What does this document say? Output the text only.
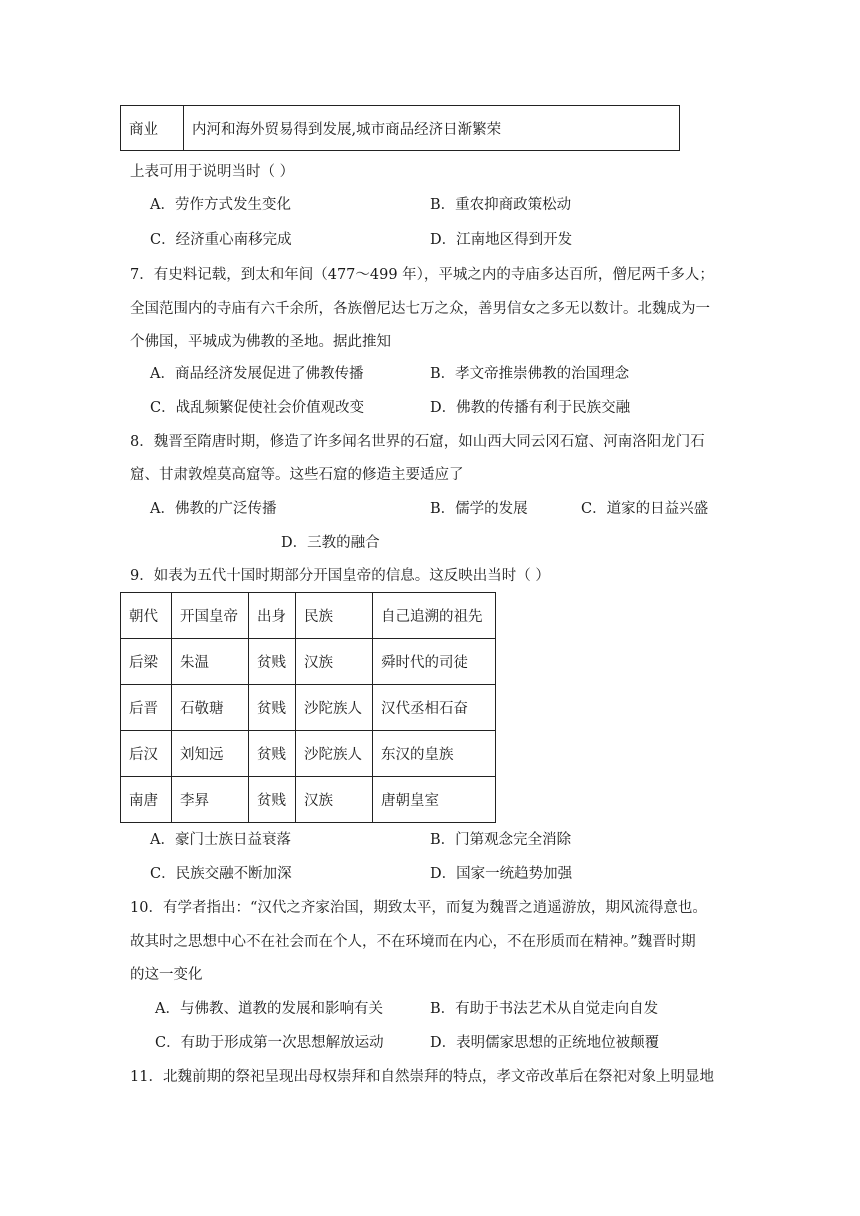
商业	内河和海外贸易得到发展,城市商品经济日渐繁荣
上表可用于说明当时（ ）
A．劳作方式发生变化	B．重农抑商政策松动
C．经济重心南移完成	D．江南地区得到开发
7．有史料记载，到太和年间（477～499 年），平城之内的寺庙多达百所，僧尼两千多人；
全国范围内的寺庙有六千余所，各族僧尼达七万之众，善男信女之多无以数计。北魏成为一
个佛国，平城成为佛教的圣地。据此推知
A．商品经济发展促进了佛教传播	B．孝文帝推崇佛教的治国理念
C．战乱频繁促使社会价值观改变	D．佛教的传播有利于民族交融
8．魏晋至隋唐时期，修造了许多闻名世界的石窟，如山西大同云冈石窟、河南洛阳龙门石
窟、甘肃敦煌莫高窟等。这些石窟的修造主要适应了
A．佛教的广泛传播	B．儒学的发展	C．道家的日益兴盛
D．三教的融合
9．如表为五代十国时期部分开国皇帝的信息。这反映出当时（ ）
朝代	开国皇帝	出身	民族	自己追溯的祖先
后梁	朱温	贫贱	汉族	舜时代的司徒
后晋	石敬瑭	贫贱	沙陀族人	汉代丞相石奋
后汉	刘知远	贫贱	沙陀族人	东汉的皇族
南唐	李昪	贫贱	汉族	唐朝皇室
A．豪门士族日益衰落	B．门第观念完全消除
C．民族交融不断加深	D．国家一统趋势加强
10．有学者指出：“汉代之齐家治国，期致太平，而复为魏晋之逍遥游放，期风流得意也。
故其时之思想中心不在社会而在个人，不在环境而在内心，不在形质而在精神。”魏晋时期
的这一变化
A．与佛教、道教的发展和影响有关	B．有助于书法艺术从自觉走向自发
C．有助于形成第一次思想解放运动	D．表明儒家思想的正统地位被颠覆
11．北魏前期的祭祀呈现出母权崇拜和自然崇拜的特点，孝文帝改革后在祭祀对象上明显地
